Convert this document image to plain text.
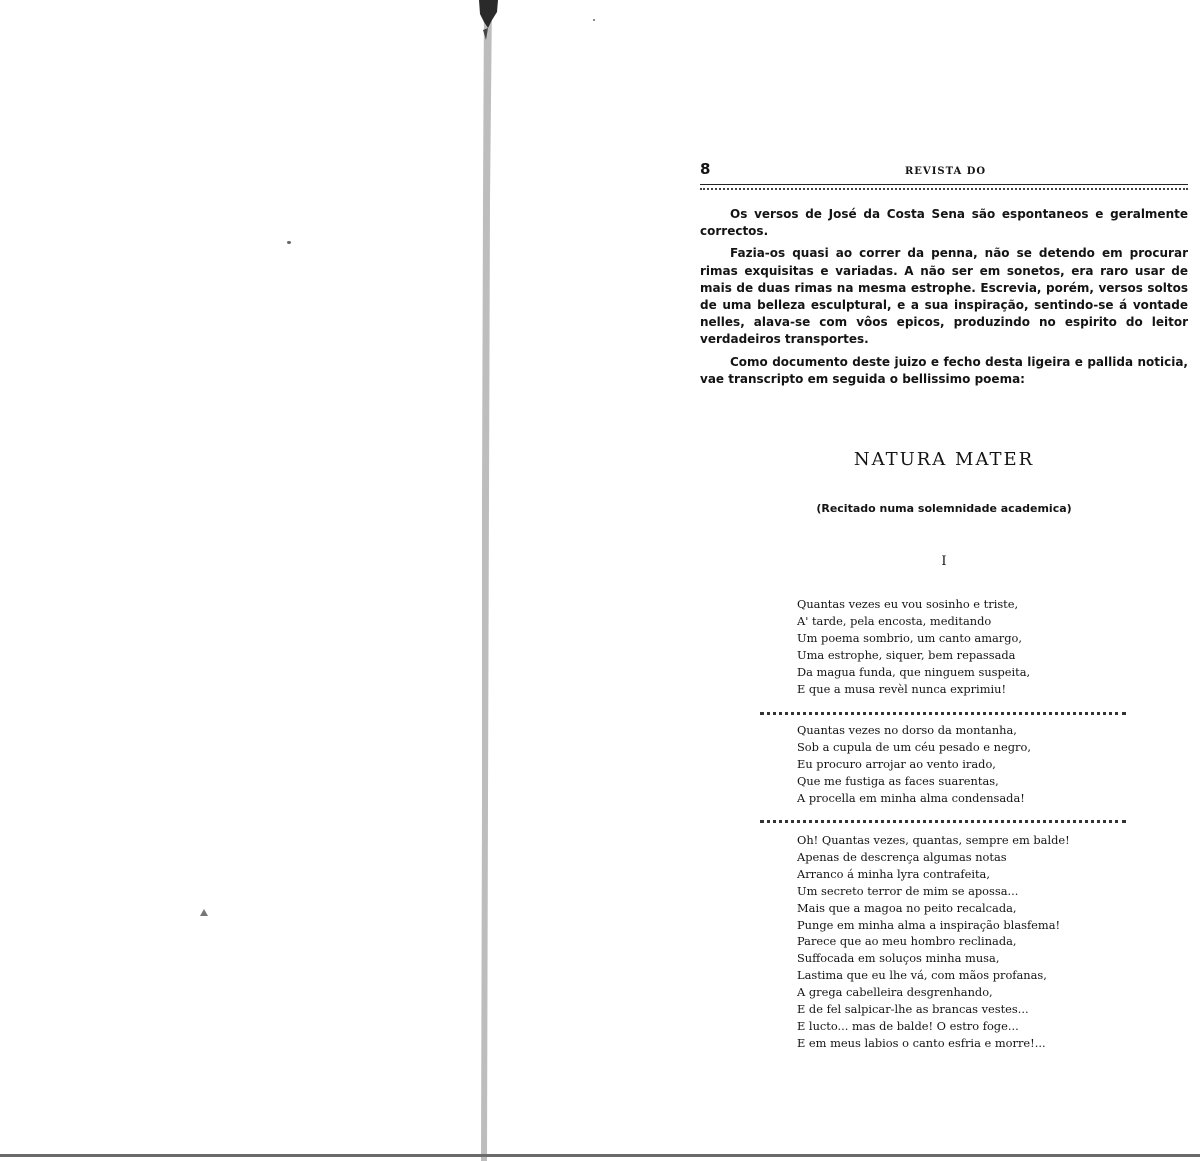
8	REVISTA DO

Os versos de José da Costa Sena são espontaneos e geralmente correctos.

Fazia-os quasi ao correr da penna, não se detendo em procurar rimas exquisitas e variadas. A não ser em sonetos, era raro usar de mais de duas rimas na mesma estrophe. Escrevia, porém, versos soltos de uma belleza esculptural, e a sua inspiração, sentindo-se á vontade nelles, alava-se com vôos epicos, produzindo no espirito do leitor verdadeiros transportes.

Como documento deste juizo e fecho desta ligeira e pallida noticia, vae transcripto em seguida o bellissimo poema:

NATURA MATER
(Recitado numa solemnidade academica)
I
Quantas vezes eu vou sosinho e triste,
A' tarde, pela encosta, meditando
Um poema sombrio, um canto amargo,
Uma estrophe, siquer, bem repassada
Da magua funda, que ninguem suspeita,
E que a musa revèl nunca exprimiu!
Quantas vezes no dorso da montanha,
Sob a cupula de um céu pesado e negro,
Eu procuro arrojar ao vento irado,
Que me fustiga as faces suarentas,
A procella em minha alma condensada!
Oh! Quantas vezes, quantas, sempre em balde!
Apenas de descrença algumas notas
Arranco á minha lyra contrafeita,
Um secreto terror de mim se apossa...
Mais que a magoa no peito recalcada,
Punge em minha alma a inspiração blasfema!
Parece que ao meu hombro reclinada,
Suffocada em soluços minha musa,
Lastima que eu lhe vá, com mãos profanas,
A grega cabelleira desgrenhando,
E de fel salpicar-lhe as brancas vestes...
E lucto... mas de balde! O estro foge...
E em meus labios o canto esfria e morre!...
